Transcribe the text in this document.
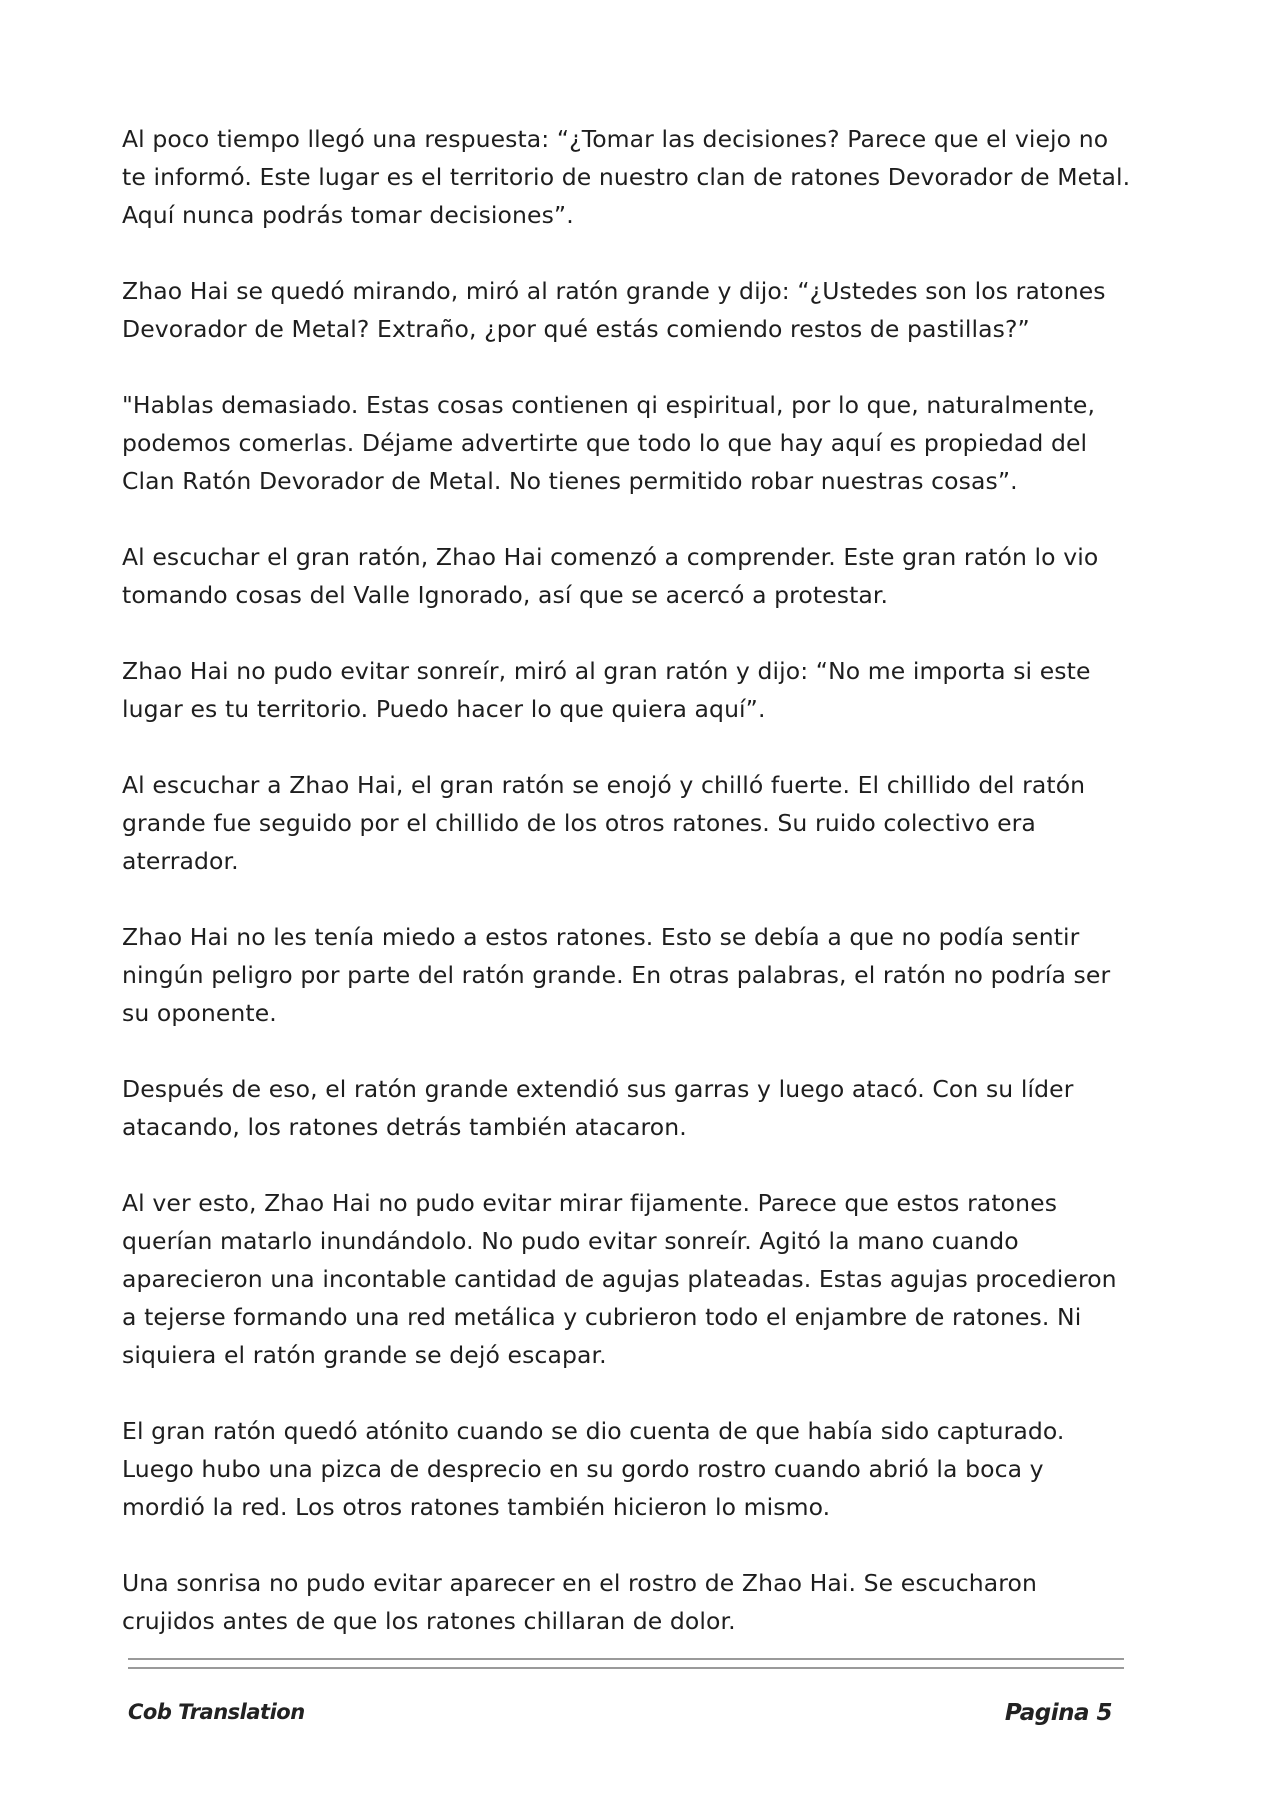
Al poco tiempo llegó una respuesta: “¿Tomar las decisiones? Parece que el viejo no te informó. Este lugar es el territorio de nuestro clan de ratones Devorador de Metal. Aquí nunca podrás tomar decisiones”.

Zhao Hai se quedó mirando, miró al ratón grande y dijo: “¿Ustedes son los ratones Devorador de Metal? Extraño, ¿por qué estás comiendo restos de pastillas?”

"Hablas demasiado. Estas cosas contienen qi espiritual, por lo que, naturalmente, podemos comerlas. Déjame advertirte que todo lo que hay aquí es propiedad del Clan Ratón Devorador de Metal. No tienes permitido robar nuestras cosas”.

Al escuchar el gran ratón, Zhao Hai comenzó a comprender. Este gran ratón lo vio tomando cosas del Valle Ignorado, así que se acercó a protestar.

Zhao Hai no pudo evitar sonreír, miró al gran ratón y dijo: “No me importa si este lugar es tu territorio. Puedo hacer lo que quiera aquí”.

Al escuchar a Zhao Hai, el gran ratón se enojó y chilló fuerte. El chillido del ratón grande fue seguido por el chillido de los otros ratones. Su ruido colectivo era aterrador.

Zhao Hai no les tenía miedo a estos ratones. Esto se debía a que no podía sentir ningún peligro por parte del ratón grande. En otras palabras, el ratón no podría ser su oponente.

Después de eso, el ratón grande extendió sus garras y luego atacó. Con su líder atacando, los ratones detrás también atacaron.

Al ver esto, Zhao Hai no pudo evitar mirar fijamente. Parece que estos ratones querían matarlo inundándolo. No pudo evitar sonreír. Agitó la mano cuando aparecieron una incontable cantidad de agujas plateadas. Estas agujas procedieron a tejerse formando una red metálica y cubrieron todo el enjambre de ratones. Ni siquiera el ratón grande se dejó escapar.

El gran ratón quedó atónito cuando se dio cuenta de que había sido capturado. Luego hubo una pizca de desprecio en su gordo rostro cuando abrió la boca y mordió la red. Los otros ratones también hicieron lo mismo.

Una sonrisa no pudo evitar aparecer en el rostro de Zhao Hai. Se escucharon crujidos antes de que los ratones chillaran de dolor.

Cob Translation	Pagina 5
